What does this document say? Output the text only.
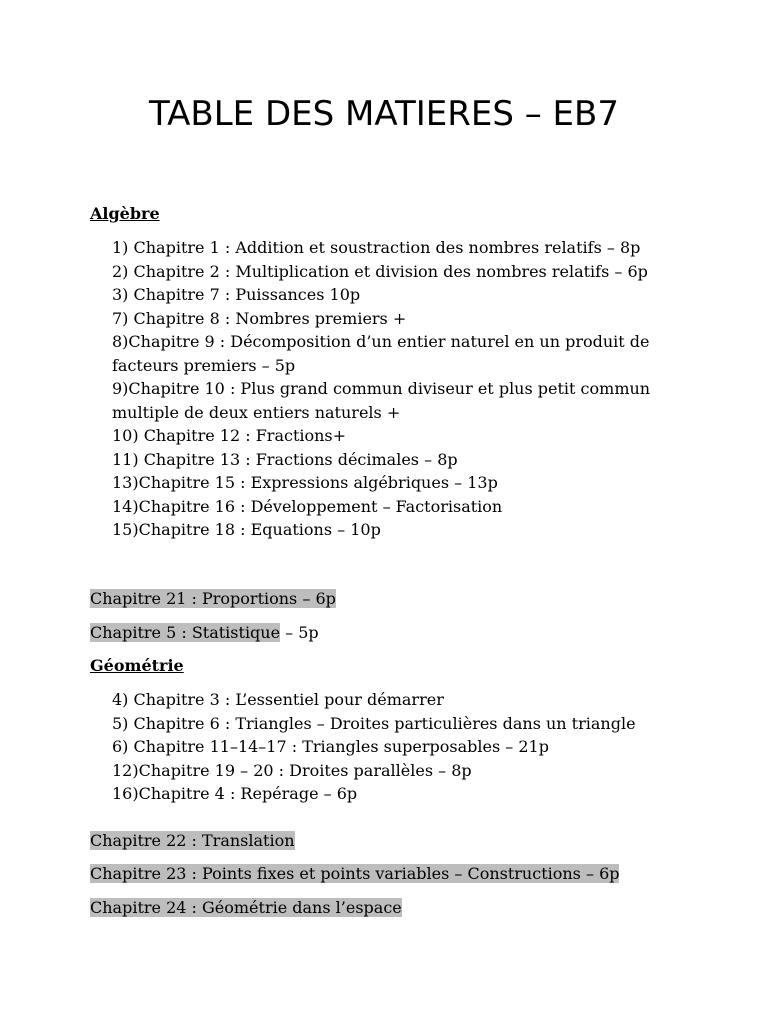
TABLE DES MATIERES – EB7

Algèbre

1) Chapitre 1 : Addition et soustraction des nombres relatifs – 8p
2) Chapitre 2 : Multiplication et division des nombres relatifs – 6p
3) Chapitre 7 : Puissances 10p
7) Chapitre 8 : Nombres premiers +
8)Chapitre 9 : Décomposition d’un entier naturel en un produit de facteurs premiers – 5p
9)Chapitre 10 : Plus grand commun diviseur et plus petit commun multiple de deux entiers naturels +
10) Chapitre 12 : Fractions+
11) Chapitre 13 : Fractions décimales – 8p
13)Chapitre 15 : Expressions algébriques – 13p
14)Chapitre 16 : Développement – Factorisation
15)Chapitre 18 : Equations – 10p

Chapitre 21 : Proportions – 6p

Chapitre 5 : Statistique – 5p

Géométrie

4) Chapitre 3 : L’essentiel pour démarrer
5) Chapitre 6 : Triangles – Droites particulières dans un triangle
6) Chapitre 11–14–17 : Triangles superposables – 21p
12)Chapitre 19 – 20 : Droites parallèles – 8p
16)Chapitre 4 : Repérage – 6p

Chapitre 22 : Translation

Chapitre 23 : Points fixes et points variables – Constructions – 6p

Chapitre 24 : Géométrie dans l’espace
